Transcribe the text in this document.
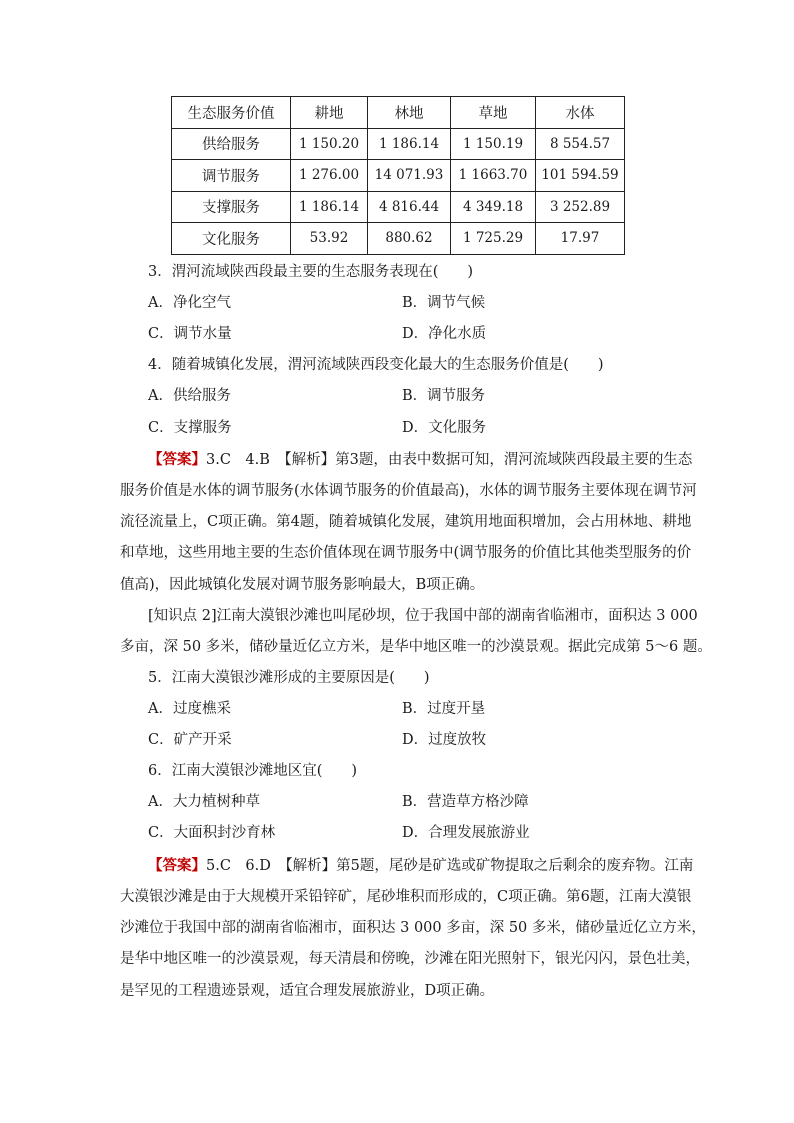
生态服务价值	耕地	林地	草地	水体
供给服务	1 150.20	1 186.14	1 150.19	8 554.57
调节服务	1 276.00	14 071.93	1 1663.70	101 594.59
支撑服务	1 186.14	4 816.44	4 349.18	3 252.89
文化服务	53.92	880.62	1 725.29	17.97
3．渭河流域陕西段最主要的生态服务表现在(　　)
A．净化空气	B．调节气候
C．调节水量	D．净化水质
4．随着城镇化发展，渭河流域陕西段变化最大的生态服务价值是(　　)
A．供给服务	B．调节服务
C．支撑服务	D．文化服务
【答案】3.C　4.B　【解析】第3题，由表中数据可知，渭河流域陕西段最主要的生态
服务价值是水体的调节服务(水体调节服务的价值最高)，水体的调节服务主要体现在调节河
流径流量上，C项正确。第4题，随着城镇化发展，建筑用地面积增加，会占用林地、耕地
和草地，这些用地主要的生态价值体现在调节服务中(调节服务的价值比其他类型服务的价
值高)，因此城镇化发展对调节服务影响最大，B项正确。
[知识点 2]江南大漠银沙滩也叫尾砂坝，位于我国中部的湖南省临湘市，面积达 3 000
多亩，深 50 多米，储砂量近亿立方米，是华中地区唯一的沙漠景观。据此完成第 5～6 题。
5．江南大漠银沙滩形成的主要原因是(　　)
A．过度樵采	B．过度开垦
C．矿产开采	D．过度放牧
6．江南大漠银沙滩地区宜(　　)
A．大力植树种草	B．营造草方格沙障
C．大面积封沙育林	D．合理发展旅游业
【答案】5.C　6.D　【解析】第5题，尾砂是矿选或矿物提取之后剩余的废弃物。江南
大漠银沙滩是由于大规模开采铅锌矿，尾砂堆积而形成的，C项正确。第6题，江南大漠银
沙滩位于我国中部的湖南省临湘市，面积达 3 000 多亩，深 50 多米，储砂量近亿立方米，
是华中地区唯一的沙漠景观，每天清晨和傍晚，沙滩在阳光照射下，银光闪闪，景色壮美，
是罕见的工程遗迹景观，适宜合理发展旅游业，D项正确。
